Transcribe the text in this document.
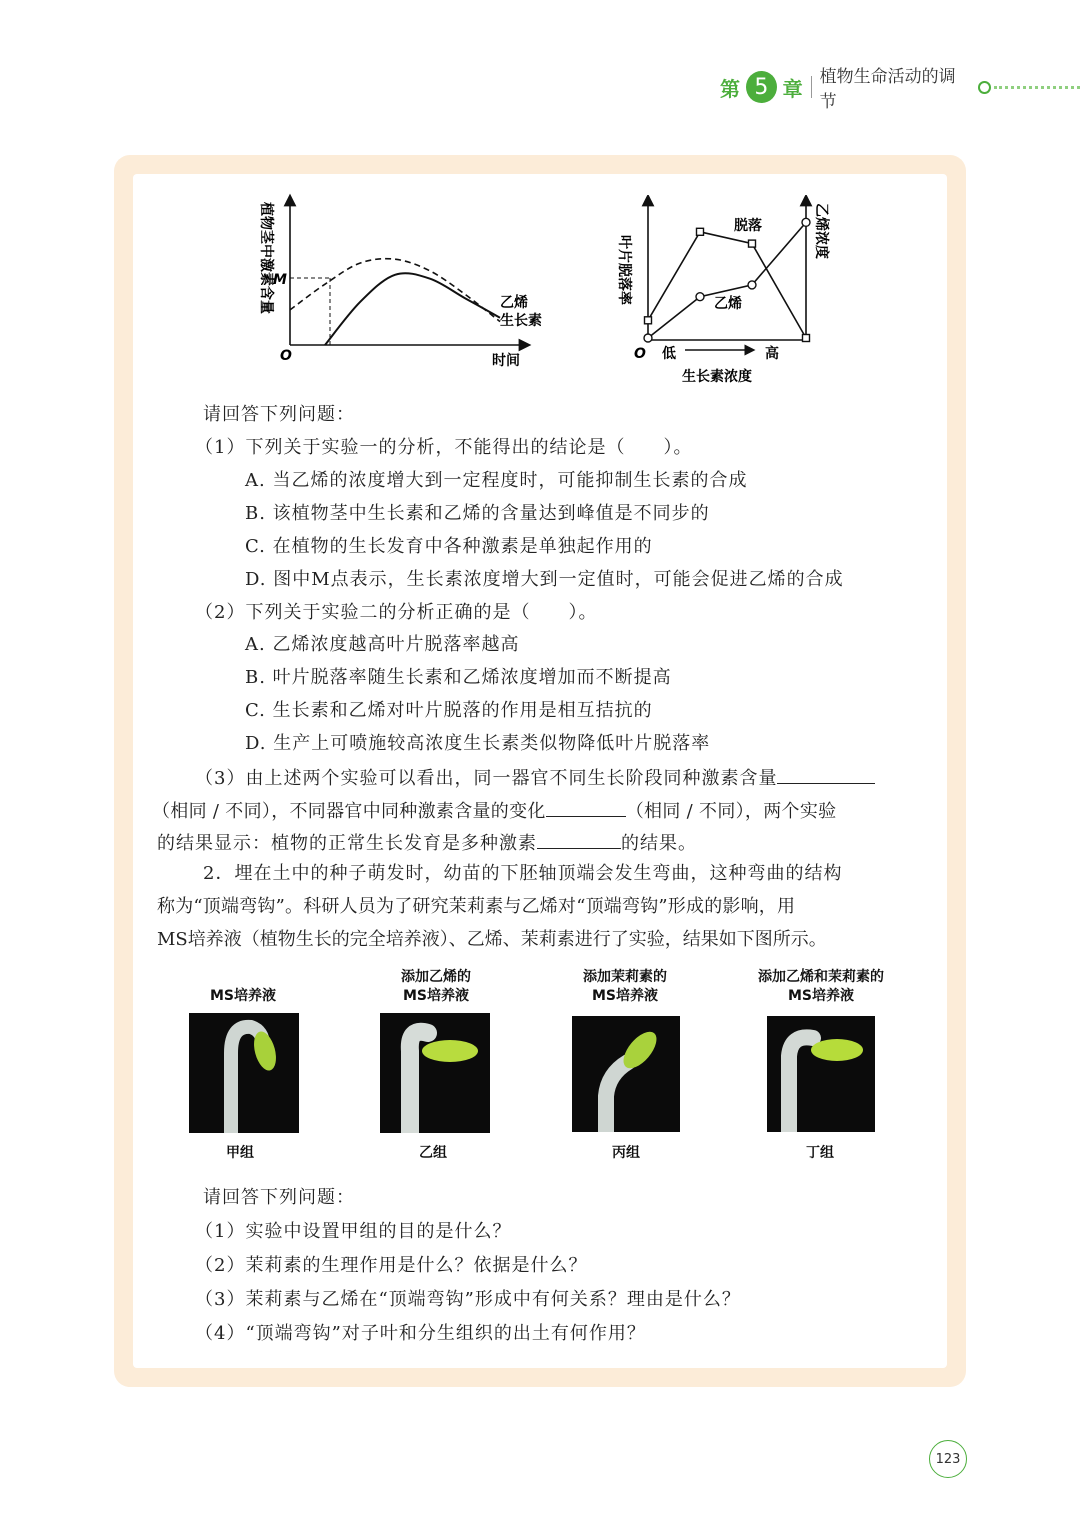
第 5 章 植物生命活动的调节
植物茎中激素含量 M
O	时间
乙烯
生长素
叶片脱落率
乙烯浓度
脱落
乙烯
O 低	高
生长素浓度
请回答下列问题：
（1）下列关于实验一的分析，不能得出的结论是（　　）。
A. 当乙烯的浓度增大到一定程度时，可能抑制生长素的合成
B. 该植物茎中生长素和乙烯的含量达到峰值是不同步的
C. 在植物的生长发育中各种激素是单独起作用的
D. 图中M点表示，生长素浓度增大到一定值时，可能会促进乙烯的合成
（2）下列关于实验二的分析正确的是（　　）。
A. 乙烯浓度越高叶片脱落率越高
B. 叶片脱落率随生长素和乙烯浓度增加而不断提高
C. 生长素和乙烯对叶片脱落的作用是相互拮抗的
D. 生产上可喷施较高浓度生长素类似物降低叶片脱落率
（3）由上述两个实验可以看出，同一器官不同生长阶段同种激素含量
（相同 / 不同），不同器官中同种激素含量的变化	（相同 / 不同），两个实验
的结果显示：植物的正常生长发育是多种激素	的结果。
2．埋在土中的种子萌发时，幼苗的下胚轴顶端会发生弯曲，这种弯曲的结构
称为“顶端弯钩”。科研人员为了研究茉莉素与乙烯对“顶端弯钩”形成的影响，用
MS培养液（植物生长的完全培养液）、乙烯、茉莉素进行了实验，结果如下图所示。

MS培养液
添加乙烯的
MS培养液
添加茉莉素的
MS培养液
添加乙烯和茉莉素的
MS培养液
甲组	乙组	丙组	丁组
请回答下列问题：
（1）实验中设置甲组的目的是什么？
（2）茉莉素的生理作用是什么？依据是什么？
（3）茉莉素与乙烯在“顶端弯钩”形成中有何关系？理由是什么？
（4）“顶端弯钩”对子叶和分生组织的出土有何作用？
123
